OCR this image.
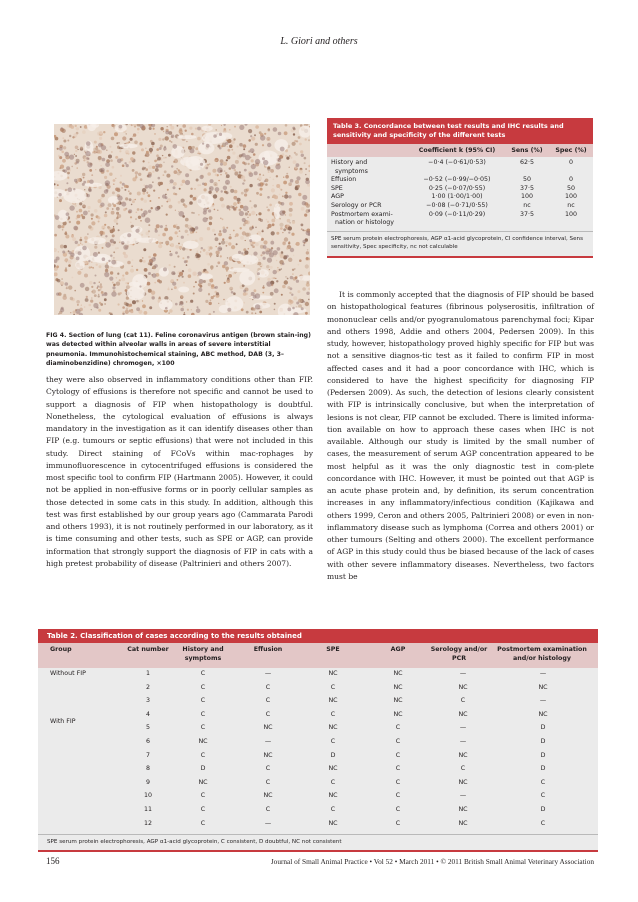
L. Giori and others
FIG 4. Section of lung (cat 11). Feline coronavirus antigen (brown stain-ing) was detected within alveolar walls in areas of severe interstitial pneumonia. Immunohistochemical staining, ABC method, DAB (3, 3–diaminobenzidine) chromogen, ×100
Table 3. Concordance between test results and IHC results and sensitivity and specificity of the different tests
Coefficient k (95% CI)	Sens (%)	Spec (%)
History and	−0·4 (−0·61/0·53)	62·5	0
symptoms
Effusion	−0·52 (−0·99/−0·05)	50	0
SPE	0·25 (−0·07/0·55)	37·5	50
AGP	1·00 (1·00/1·00)	100	100
Serology or PCR	−0·08 (−0·71/0·55)	nc	nc
Postmortem exami-	0·09 (−0·11/0·29)	37·5	100
nation or histology
SPE serum protein electrophoresis, AGP α1-acid glycoprotein, CI confidence interval, Sens sensitivity, Spec specificity, nc not calculable

It is commonly accepted that the diagnosis of FIP should be based on histopathological features (fibrinous polyserositis, infiltration of mononuclear cells and/or pyogranulomatous parenchymal foci; Kipar and others 1998, Addie and others 2004, Pedersen 2009). In this study, however, histopathology proved highly specific for FIP but was not a sensitive diagnos-tic test as it failed to confirm FIP in most affected cases and it had a poor concordance with IHC, which is considered to have the highest specificity for diagnosing FIP (Pedersen 2009). As such, the detection of lesions clearly consistent with FIP is intrinsically conclusive, but when the interpretation of lesions is not clear, FIP cannot be excluded. There is limited informa-tion available on how to approach these cases when IHC is not available. Although our study is limited by the small number of cases, the measurement of serum AGP concentration appeared to be most helpful as it was the only diagnostic test in com-plete concordance with IHC. However, it must be pointed out that AGP is an acute phase protein and, by definition, its serum concentration increases in any inflammatory/infectious condition (Kajikawa and others 1999, Ceron and others 2005, Paltrinieri 2008) or even in non-inflammatory disease such as lymphoma (Correa and others 2001) or other tumours (Selting and others 2000). The excellent performance of AGP in this study could thus be biased because of the lack of cases with other severe inflammatory diseases. Nevertheless, two factors must be

they were also observed in inflammatory conditions other than FIP. Cytology of effusions is therefore not specific and cannot be used to support a diagnosis of FIP when histopathology is doubtful. Nonetheless, the cytological evaluation of effusions is always mandatory in the investigation as it can identify diseases other than FIP (e.g. tumours or septic effusions) that were not included in this study. Direct staining of FCoVs within mac-rophages by immunofluorescence in cytocentrifuged effusions is considered the most specific tool to confirm FIP (Hartmann 2005). However, it could not be applied in non-effusive forms or in poorly cellular samples as those detected in some cats in this study. In addition, although this test was first established by our group years ago (Cammarata Parodi and others 1993), it is not routinely performed in our laboratory, as it is time consuming and other tests, such as SPE or AGP, can provide information that strongly support the diagnosis of FIP in cats with a high pretest probability of disease (Paltrinieri and others 2007).

Table 2. Classification of cases according to the results obtained
Group	Cat number	History and symptoms
Effusion	SPE	AGP	Serology and/or PCR
Postmortem examination and/or histology
Without FIP
With FIP
1	C	—	NC	NC	—	—
2	C	C	C	NC	NC	NC
3	C	C	NC	NC	C	—
4	C	C	C	NC	NC	NC
5	C	NC	NC	C	—	D
6	NC	—	C	C	—	D
7	C	NC	D	C	NC	D
8	D	C	NC	C	C	D
9	NC	C	C	C	NC	C
10	C	NC	NC	C	—	C
11	C	C	C	C	NC	D
12	C	—	NC	C	NC	C
SPE serum protein electrophoresis, AGP α1-acid glycoprotein, C consistent, D doubtful, NC not consistent
156	Journal of Small Animal Practice • Vol 52 • March 2011 • © 2011 British Small Animal Veterinary Association
